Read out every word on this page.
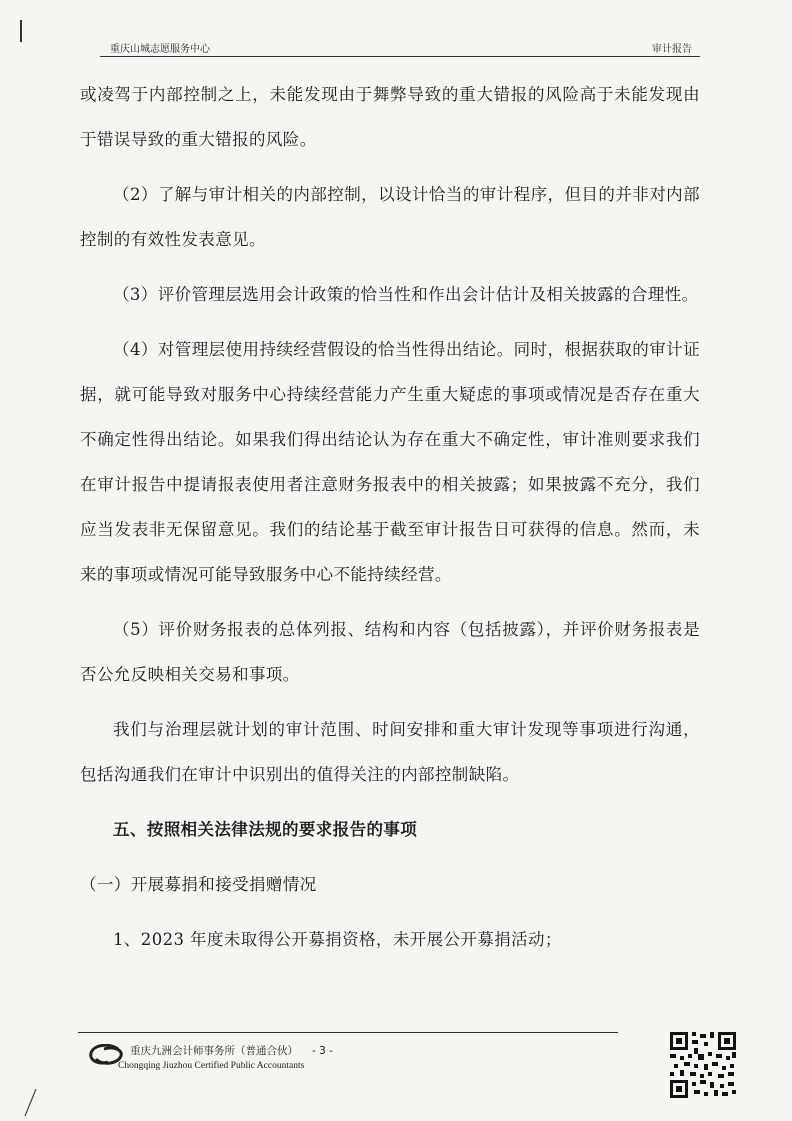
重庆山城志愿服务中心	审计报告

或凌驾于内部控制之上，未能发现由于舞弊导致的重大错报的风险高于未能发现由于错误导致的重大错报的风险。

（2）了解与审计相关的内部控制，以设计恰当的审计程序，但目的并非对内部控制的有效性发表意见。

（3）评价管理层选用会计政策的恰当性和作出会计估计及相关披露的合理性。

（4）对管理层使用持续经营假设的恰当性得出结论。同时，根据获取的审计证据，就可能导致对服务中心持续经营能力产生重大疑虑的事项或情况是否存在重大不确定性得出结论。如果我们得出结论认为存在重大不确定性，审计准则要求我们在审计报告中提请报表使用者注意财务报表中的相关披露；如果披露不充分，我们应当发表非无保留意见。我们的结论基于截至审计报告日可获得的信息。然而，未来的事项或情况可能导致服务中心不能持续经营。

（5）评价财务报表的总体列报、结构和内容（包括披露），并评价财务报表是否公允反映相关交易和事项。

我们与治理层就计划的审计范围、时间安排和重大审计发现等事项进行沟通，包括沟通我们在审计中识别出的值得关注的内部控制缺陷。

五、按照相关法律法规的要求报告的事项

（一）开展募捐和接受捐赠情况

1、2023 年度未取得公开募捐资格，未开展公开募捐活动；

重庆九洲会计师事务所（普通合伙） - 3 -
Chongqing Jiuzhou Certified Public Accountants
